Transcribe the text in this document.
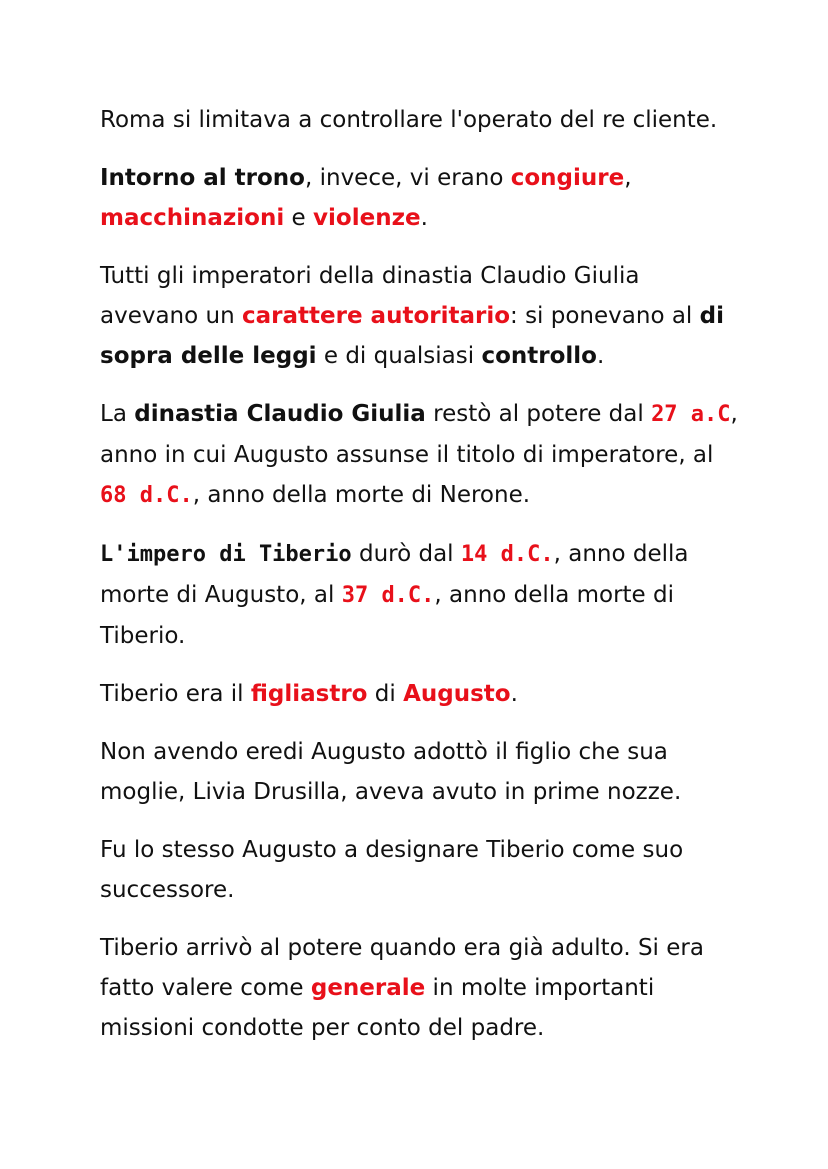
Roma si limitava a controllare l'operato del re cliente.

Intorno al trono, invece, vi erano congiure, macchinazioni e violenze.

Tutti gli imperatori della dinastia Claudio Giulia avevano un carattere autoritario: si ponevano al di sopra delle leggi e di qualsiasi controllo.

La dinastia Claudio Giulia restò al potere dal 27 a.C, anno in cui Augusto assunse il titolo di imperatore, al 68 d.C., anno della morte di Nerone.

L'impero di Tiberio durò dal 14 d.C., anno della morte di Augusto, al 37 d.C., anno della morte di Tiberio.

Tiberio era il figliastro di Augusto.

Non avendo eredi Augusto adottò il figlio che sua moglie, Livia Drusilla, aveva avuto in prime nozze.

Fu lo stesso Augusto a designare Tiberio come suo successore.

Tiberio arrivò al potere quando era già adulto. Si era fatto valere come generale in molte importanti missioni condotte per conto del padre.
